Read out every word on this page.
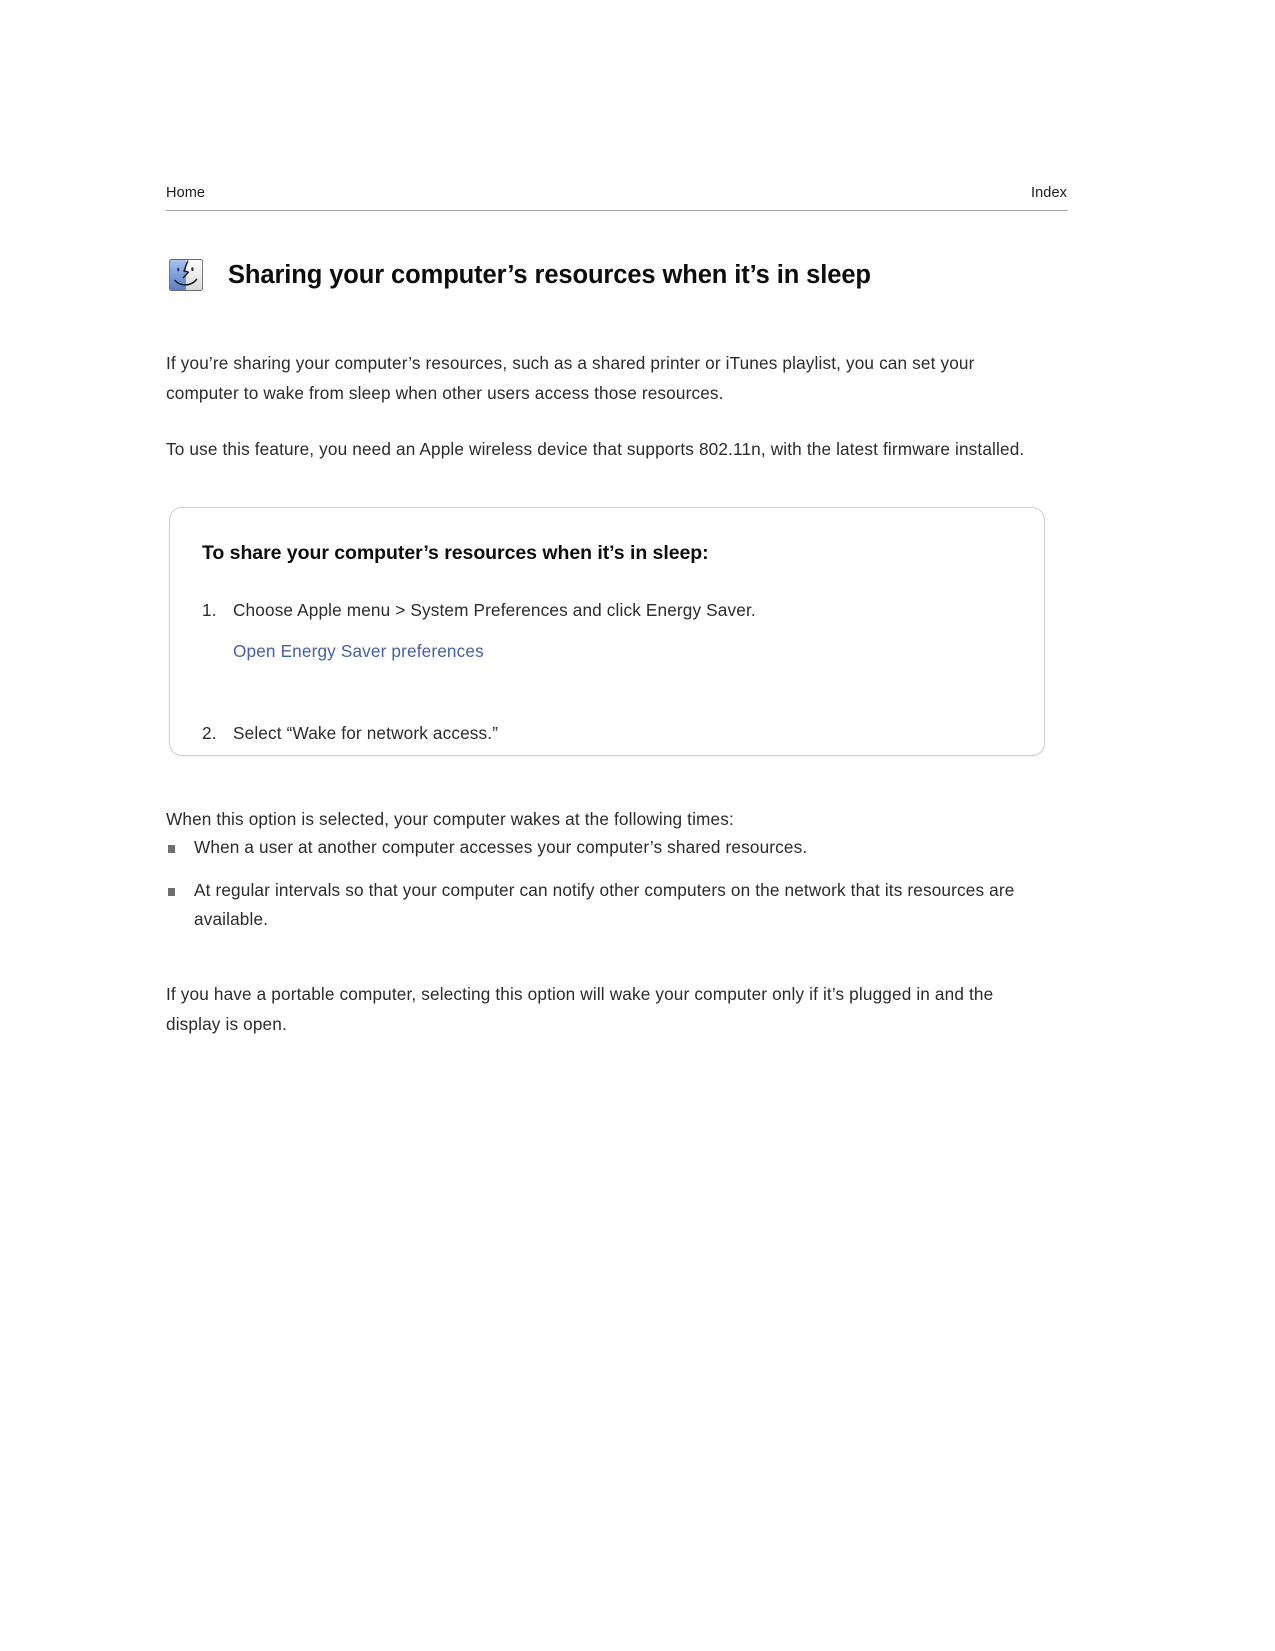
Home	Index
Sharing your computer’s resources when it’s in sleep

If you’re sharing your computer’s resources, such as a shared printer or iTunes playlist, you can set your computer to wake from sleep when other users access those resources.

To use this feature, you need an Apple wireless device that supports 802.11n, with the latest firmware installed.

To share your computer’s resources when it’s in sleep:
1. Choose Apple menu > System Preferences and click Energy Saver.
Open Energy Saver preferences
2. Select “Wake for network access.”

When this option is selected, your computer wakes at the following times:

When a user at another computer accesses your computer’s shared resources.
At regular intervals so that your computer can notify other computers on the network that its resources are available.

If you have a portable computer, selecting this option will wake your computer only if it’s plugged in and the display is open.
